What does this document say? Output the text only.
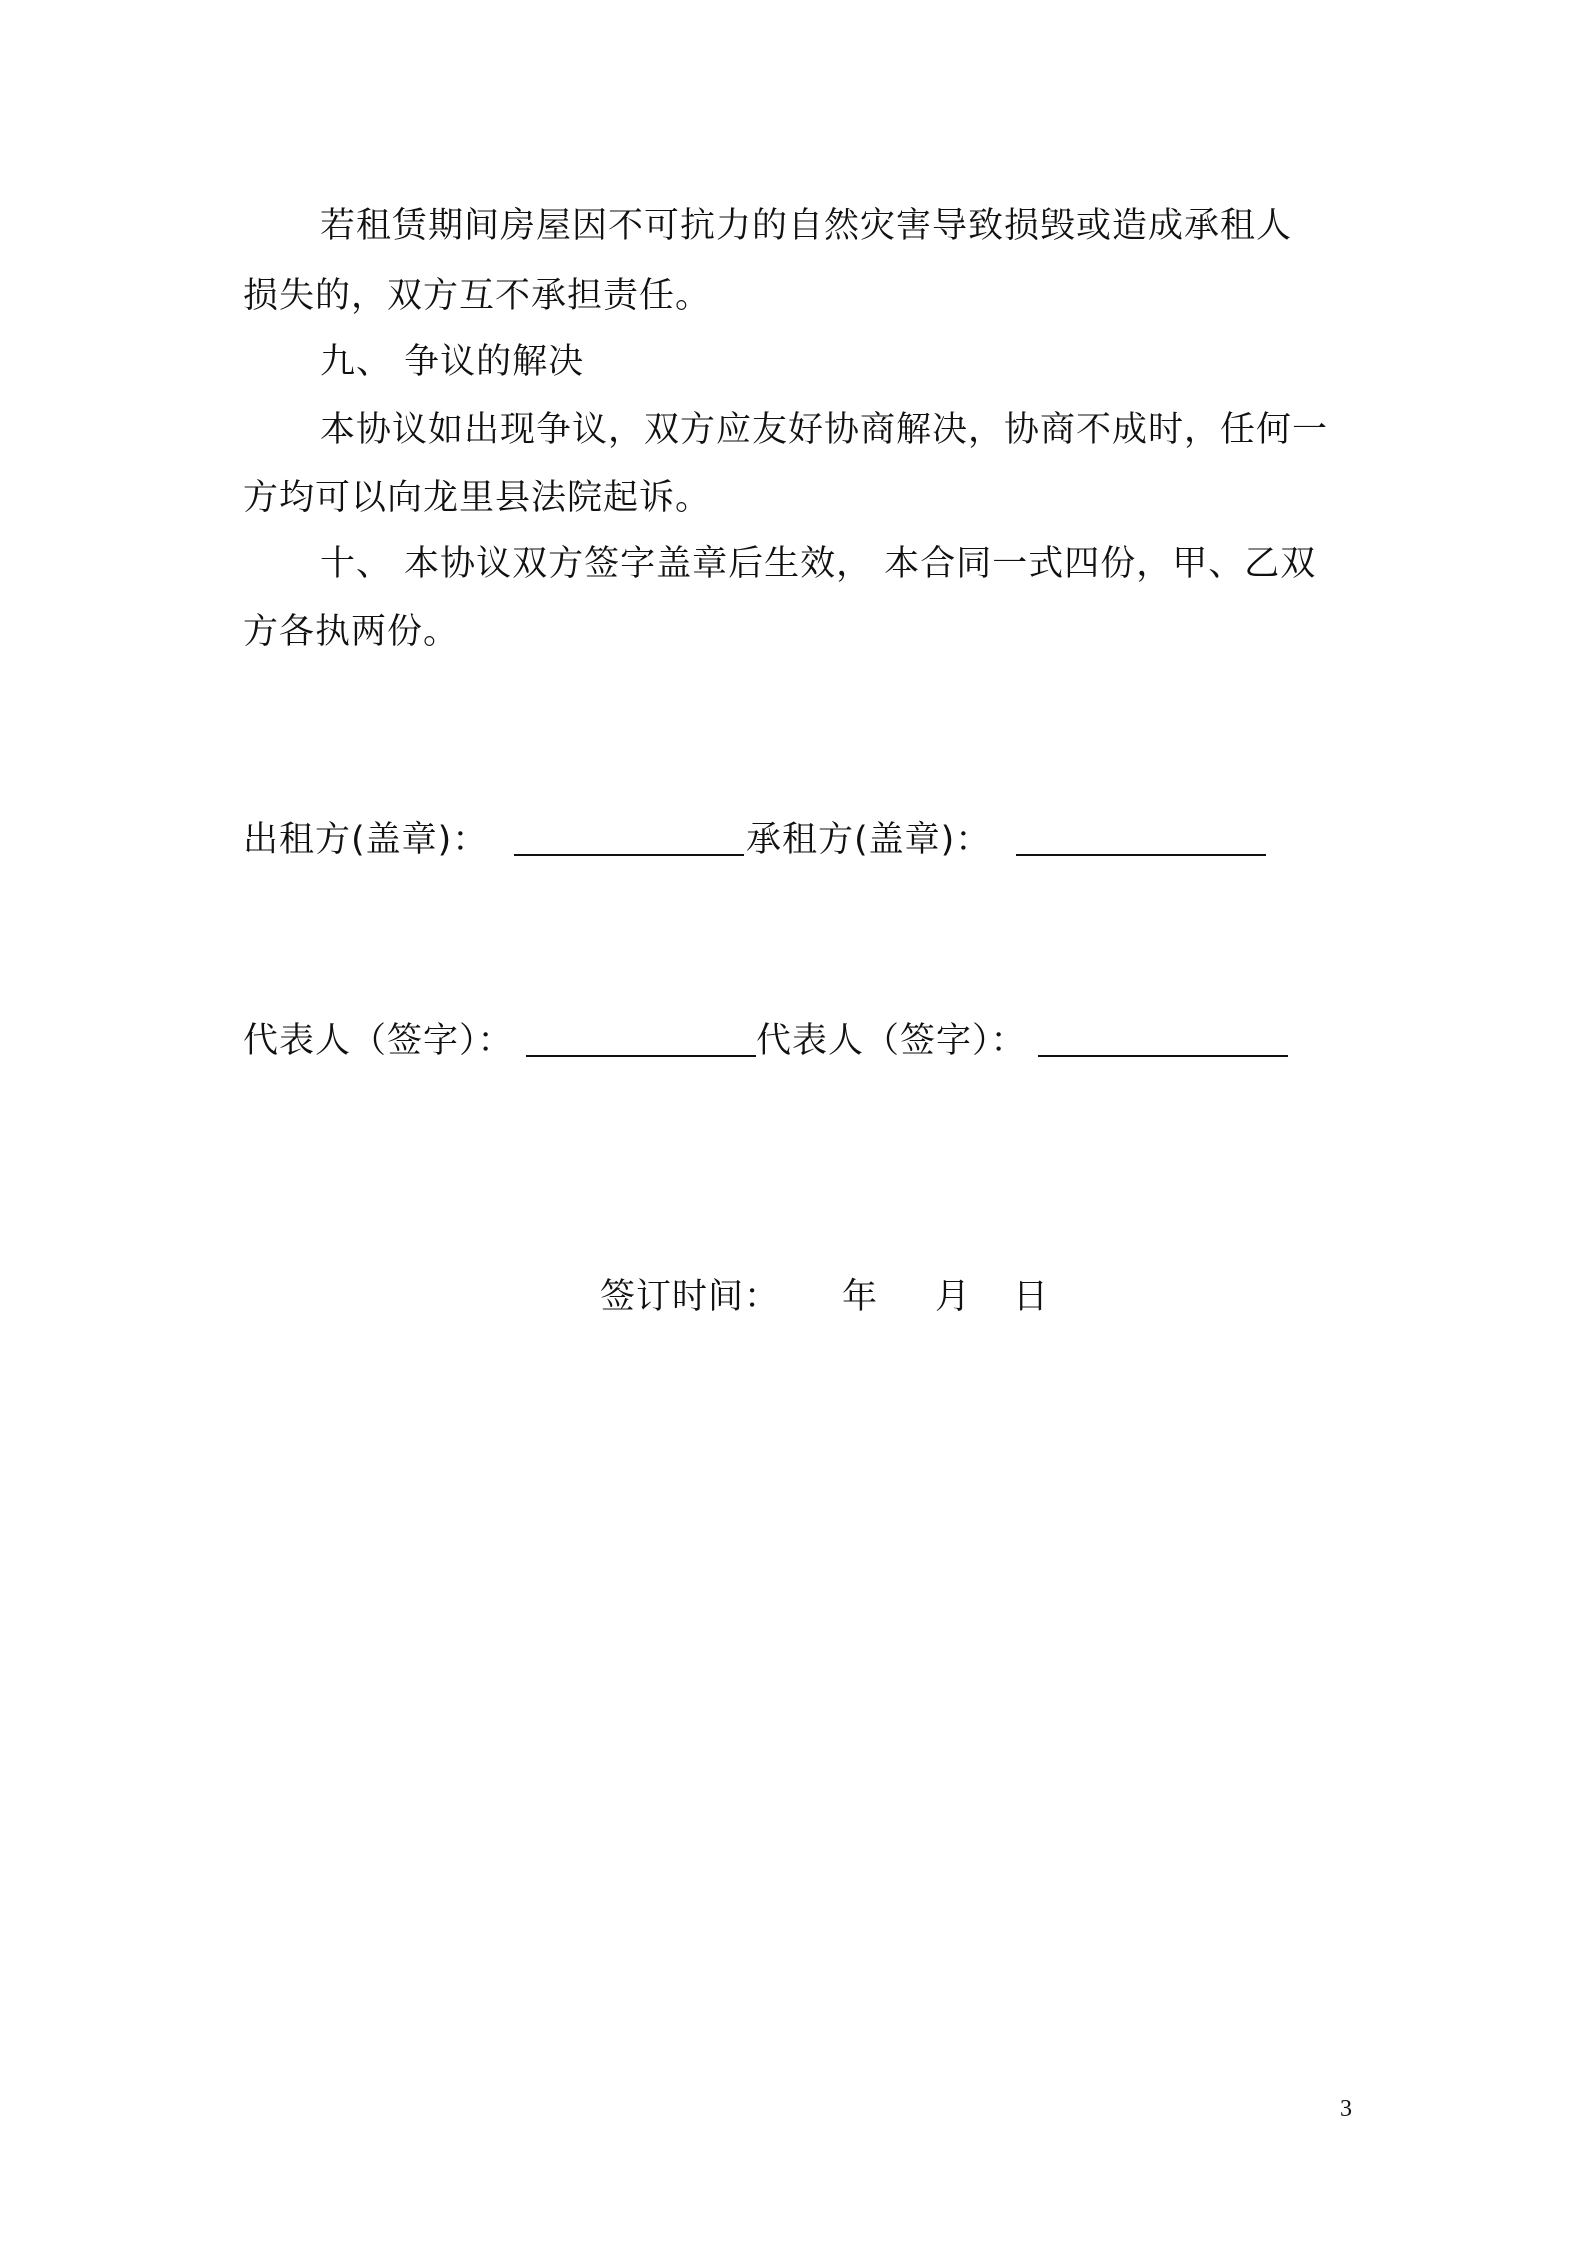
若租赁期间房屋因不可抗力的自然灾害导致损毁或造成承租人
损失的，双方互不承担责任。
九、 争议的解决
本协议如出现争议，双方应友好协商解决，协商不成时，任何一
方均可以向龙里县法院起诉。
十、 本协议双方签字盖章后生效， 本合同一式四份，甲、乙双
方各执两份。
出租方(盖章)：	承租方(盖章)：
代表人（签字）：	代表人（签字）：
签订时间： 年 月 日
3
